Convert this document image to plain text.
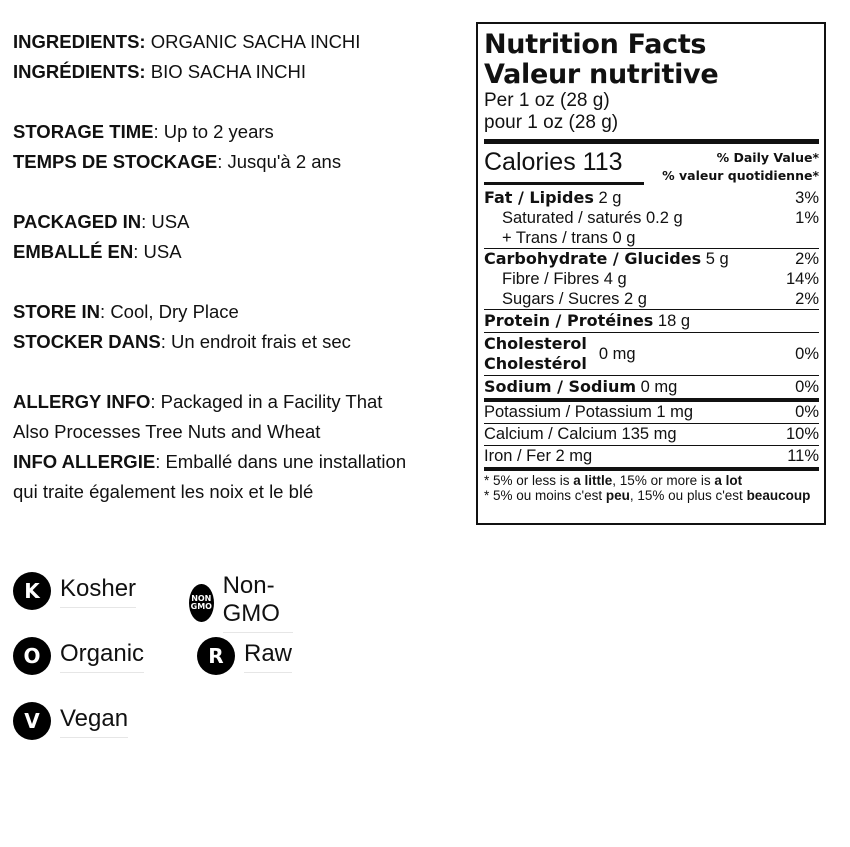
INGREDIENTS: ORGANIC SACHA INCHI
INGRÉDIENTS: BIO SACHA INCHI
STORAGE TIME: Up to 2 years
TEMPS DE STOCKAGE: Jusqu'à 2 ans
PACKAGED IN: USA
EMBALLÉ EN: USA
STORE IN: Cool, Dry Place
STOCKER DANS: Un endroit frais et sec
ALLERGY INFO: Packaged in a Facility That
Also Processes Tree Nuts and Wheat
INFO ALLERGIE: Emballé dans une installation
qui traite également les noix et le blé
K Kosher	NON
GMO
Non-GMO
O Organic	R Raw
V Vegan
Nutrition Facts
Valeur nutritive
Per 1 oz (28 g)
pour 1 oz (28 g)
Calories 113	% Daily Value*
% valeur quotidienne*
Fat / Lipides 2 g	3%
Saturated / saturés 0.2 g	1%
+ Trans / trans 0 g
Carbohydrate / Glucides 5 g	2%
Fibre / Fibres 4 g	14%
Sugars / Sucres 2 g	2%
Protein / Protéines 18 g
Cholesterol
Cholestérol
0 mg	0%
Sodium / Sodium 0 mg	0%
Potassium / Potassium 1 mg	0%
Calcium / Calcium 135 mg	10%
Iron / Fer 2 mg	11%
* 5% or less is a little, 15% or more is a lot
* 5% ou moins c'est peu, 15% ou plus c'est beaucoup
